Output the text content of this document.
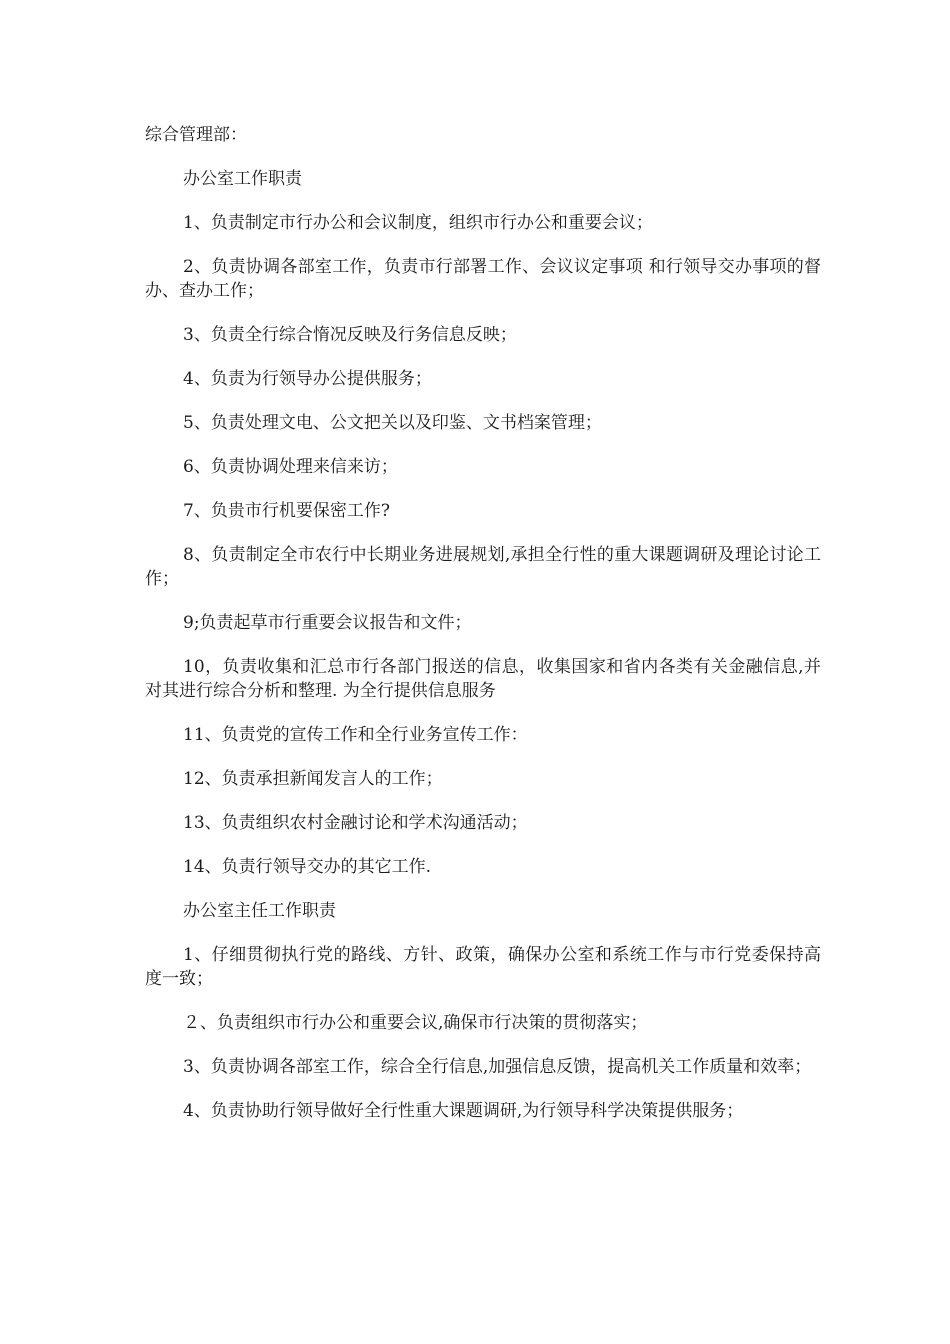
综合管理部：

办公室工作职责

1、负责制定市行办公和会议制度，组织市行办公和重要会议；

2、负责协调各部室工作，负责市行部署工作、会议议定事项 和行领导交办事项的督办、查办工作；

3、负责全行综合惰况反映及行务信息反映；

4、负责为行领导办公提供服务；

5、负责处理文电、公文把关以及印鉴、文书档案管理；

6、负责协调处理来信来访；

7、负贵市行机要保密工作?

8、负责制定全市农行中长期业务进展规划,承担全行性的重大课题调研及理论讨论工作；

9;负责起草市行重要会议报告和文件；

10，负责收集和汇总市行各部门报送的信息，收集国家和省内各类有关金融信息,并对其进行综合分析和整理. 为全行提供信息服务

11、负责党的宣传工作和全行业务宣传工作：

12、负责承担新闻发言人的工作；

13、负责组织农村金融讨论和学术沟通活动；

14、负责行领导交办的其它工作.

办公室主任工作职责

1、仔细贯彻执行党的路线、方针、政策，确保办公室和系统工作与市行党委保持高度一致；

２、负责组织市行办公和重要会议,确保市行决策的贯彻落实；

3、负责协调各部室工作，综合全行信息,加强信息反馈，提高机关工作质量和效率；

4、负责协助行领导做好全行性重大课题调研,为行领导科学决策提供服务；
